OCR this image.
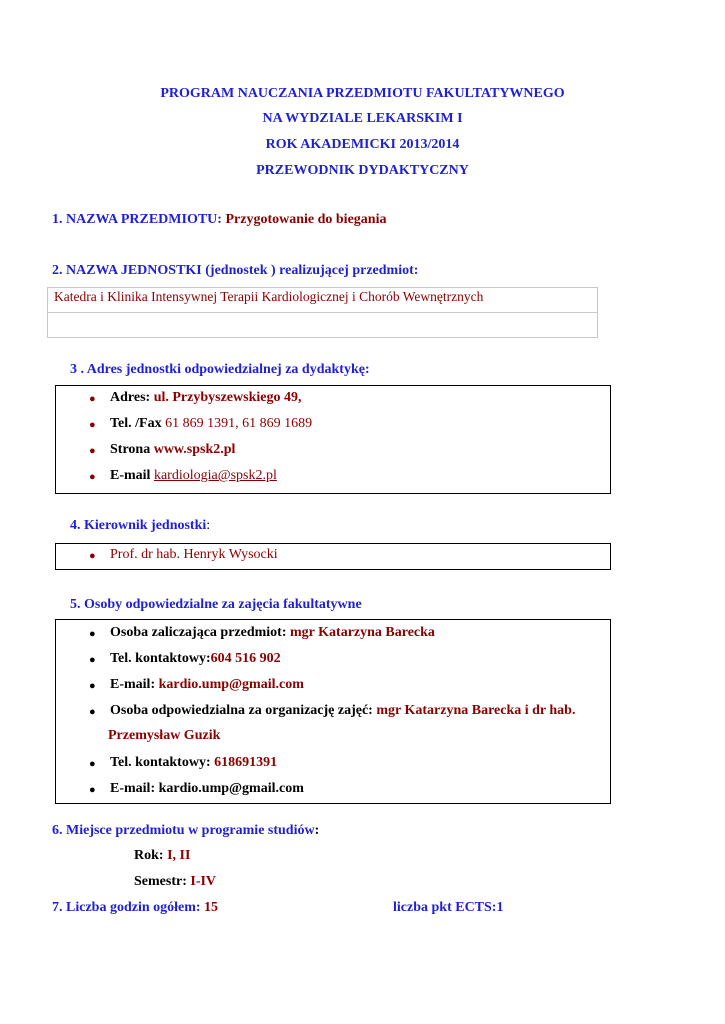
PROGRAM NAUCZANIA PRZEDMIOTU FAKULTATYWNEGO
NA WYDZIALE LEKARSKIM I
ROK AKADEMICKI 2013/2014
PRZEWODNIK DYDAKTYCZNY
1. NAZWA PRZEDMIOTU: Przygotowanie do biegania
2. NAZWA JEDNOSTKI (jednostek ) realizującej przedmiot:
Katedra i Klinika Intensywnej Terapii Kardiologicznej i Chorób Wewnętrznych
3 . Adres jednostki odpowiedzialnej za dydaktykę:
● Adres: ul. Przybyszewskiego 49,
● Tel. /Fax 61 869 1391, 61 869 1689
● Strona www.spsk2.pl
● E-mail kardiologia@spsk2.pl
4. Kierownik jednostki:
● Prof. dr hab. Henryk Wysocki
5. Osoby odpowiedzialne za zajęcia fakultatywne
● Osoba zaliczająca przedmiot: mgr Katarzyna Barecka
● Tel. kontaktowy:604 516 902
● E-mail: kardio.ump@gmail.com
● Osoba odpowiedzialna za organizację zajęć: mgr Katarzyna Barecka i dr hab.
Przemysław Guzik
● Tel. kontaktowy: 618691391
● E-mail: kardio.ump@gmail.com
6. Miejsce przedmiotu w programie studiów:
Rok: I, II
Semestr: I-IV
7. Liczba godzin ogółem: 15	liczba pkt ECTS:1
